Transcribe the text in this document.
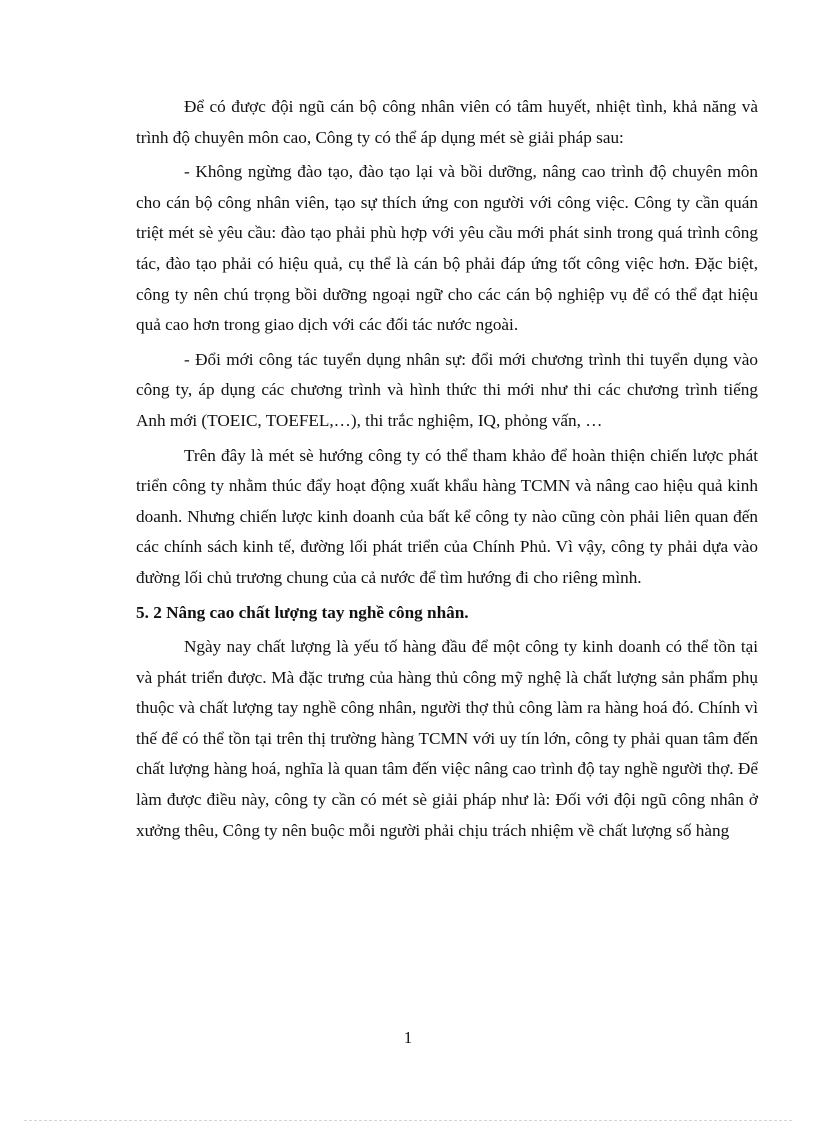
Để có được đội ngũ cán bộ công nhân viên có tâm huyết, nhiệt tình, khả năng và trình độ chuyên môn cao, Công ty có thể áp dụng mét sè giải pháp sau:

- Không ngừng đào tạo, đào tạo lại và bồi dưỡng, nâng cao trình độ chuyên môn cho cán bộ công nhân viên, tạo sự thích ứng con người với công việc. Công ty cần quán triệt mét sè yêu cầu: đào tạo phải phù hợp với yêu cầu mới phát sinh trong quá trình công tác, đào tạo phải có hiệu quả, cụ thể là cán bộ phải đáp ứng tốt công việc hơn. Đặc biệt, công ty nên chú trọng bồi dưỡng ngoại ngữ cho các cán bộ nghiệp vụ để có thể đạt hiệu quả cao hơn trong giao dịch với các đối tác nước ngoài.

- Đổi mới công tác tuyển dụng nhân sự: đổi mới chương trình thi tuyển dụng vào công ty, áp dụng các chương trình và hình thức thi mới như thi các chương trình tiếng Anh mới (TOEIC, TOEFEL,…), thi trắc nghiệm, IQ, phỏng vấn, …

Trên đây là mét sè hướng công ty có thể tham khảo để hoàn thiện chiến lược phát triển công ty nhằm thúc đẩy hoạt động xuất khẩu hàng TCMN và nâng cao hiệu quả kinh doanh. Nhưng chiến lược kinh doanh của bất kể công ty nào cũng còn phải liên quan đến các chính sách kinh tế, đường lối phát triển của Chính Phủ. Vì vậy, công ty phải dựa vào đường lối chủ trương chung của cả nước để tìm hướng đi cho riêng mình.

5. 2 Nâng cao chất lượng tay nghề công nhân.

Ngày nay chất lượng là yếu tố hàng đầu để một công ty kinh doanh có thể tồn tại và phát triển được. Mà đặc trưng của hàng thủ công mỹ nghệ là chất lượng sản phẩm phụ thuộc và chất lượng tay nghề công nhân, người thợ thủ công làm ra hàng hoá đó. Chính vì thế để có thể tồn tại trên thị trường hàng TCMN với uy tín lớn, công ty phải quan tâm đến chất lượng hàng hoá, nghĩa là quan tâm đến việc nâng cao trình độ tay nghề người thợ. Để làm được điều này, công ty cần có mét sè giải pháp như là: Đối với đội ngũ công nhân ở xưởng thêu, Công ty nên buộc mỗi người phải chịu trách nhiệm về chất lượng số hàng

1
